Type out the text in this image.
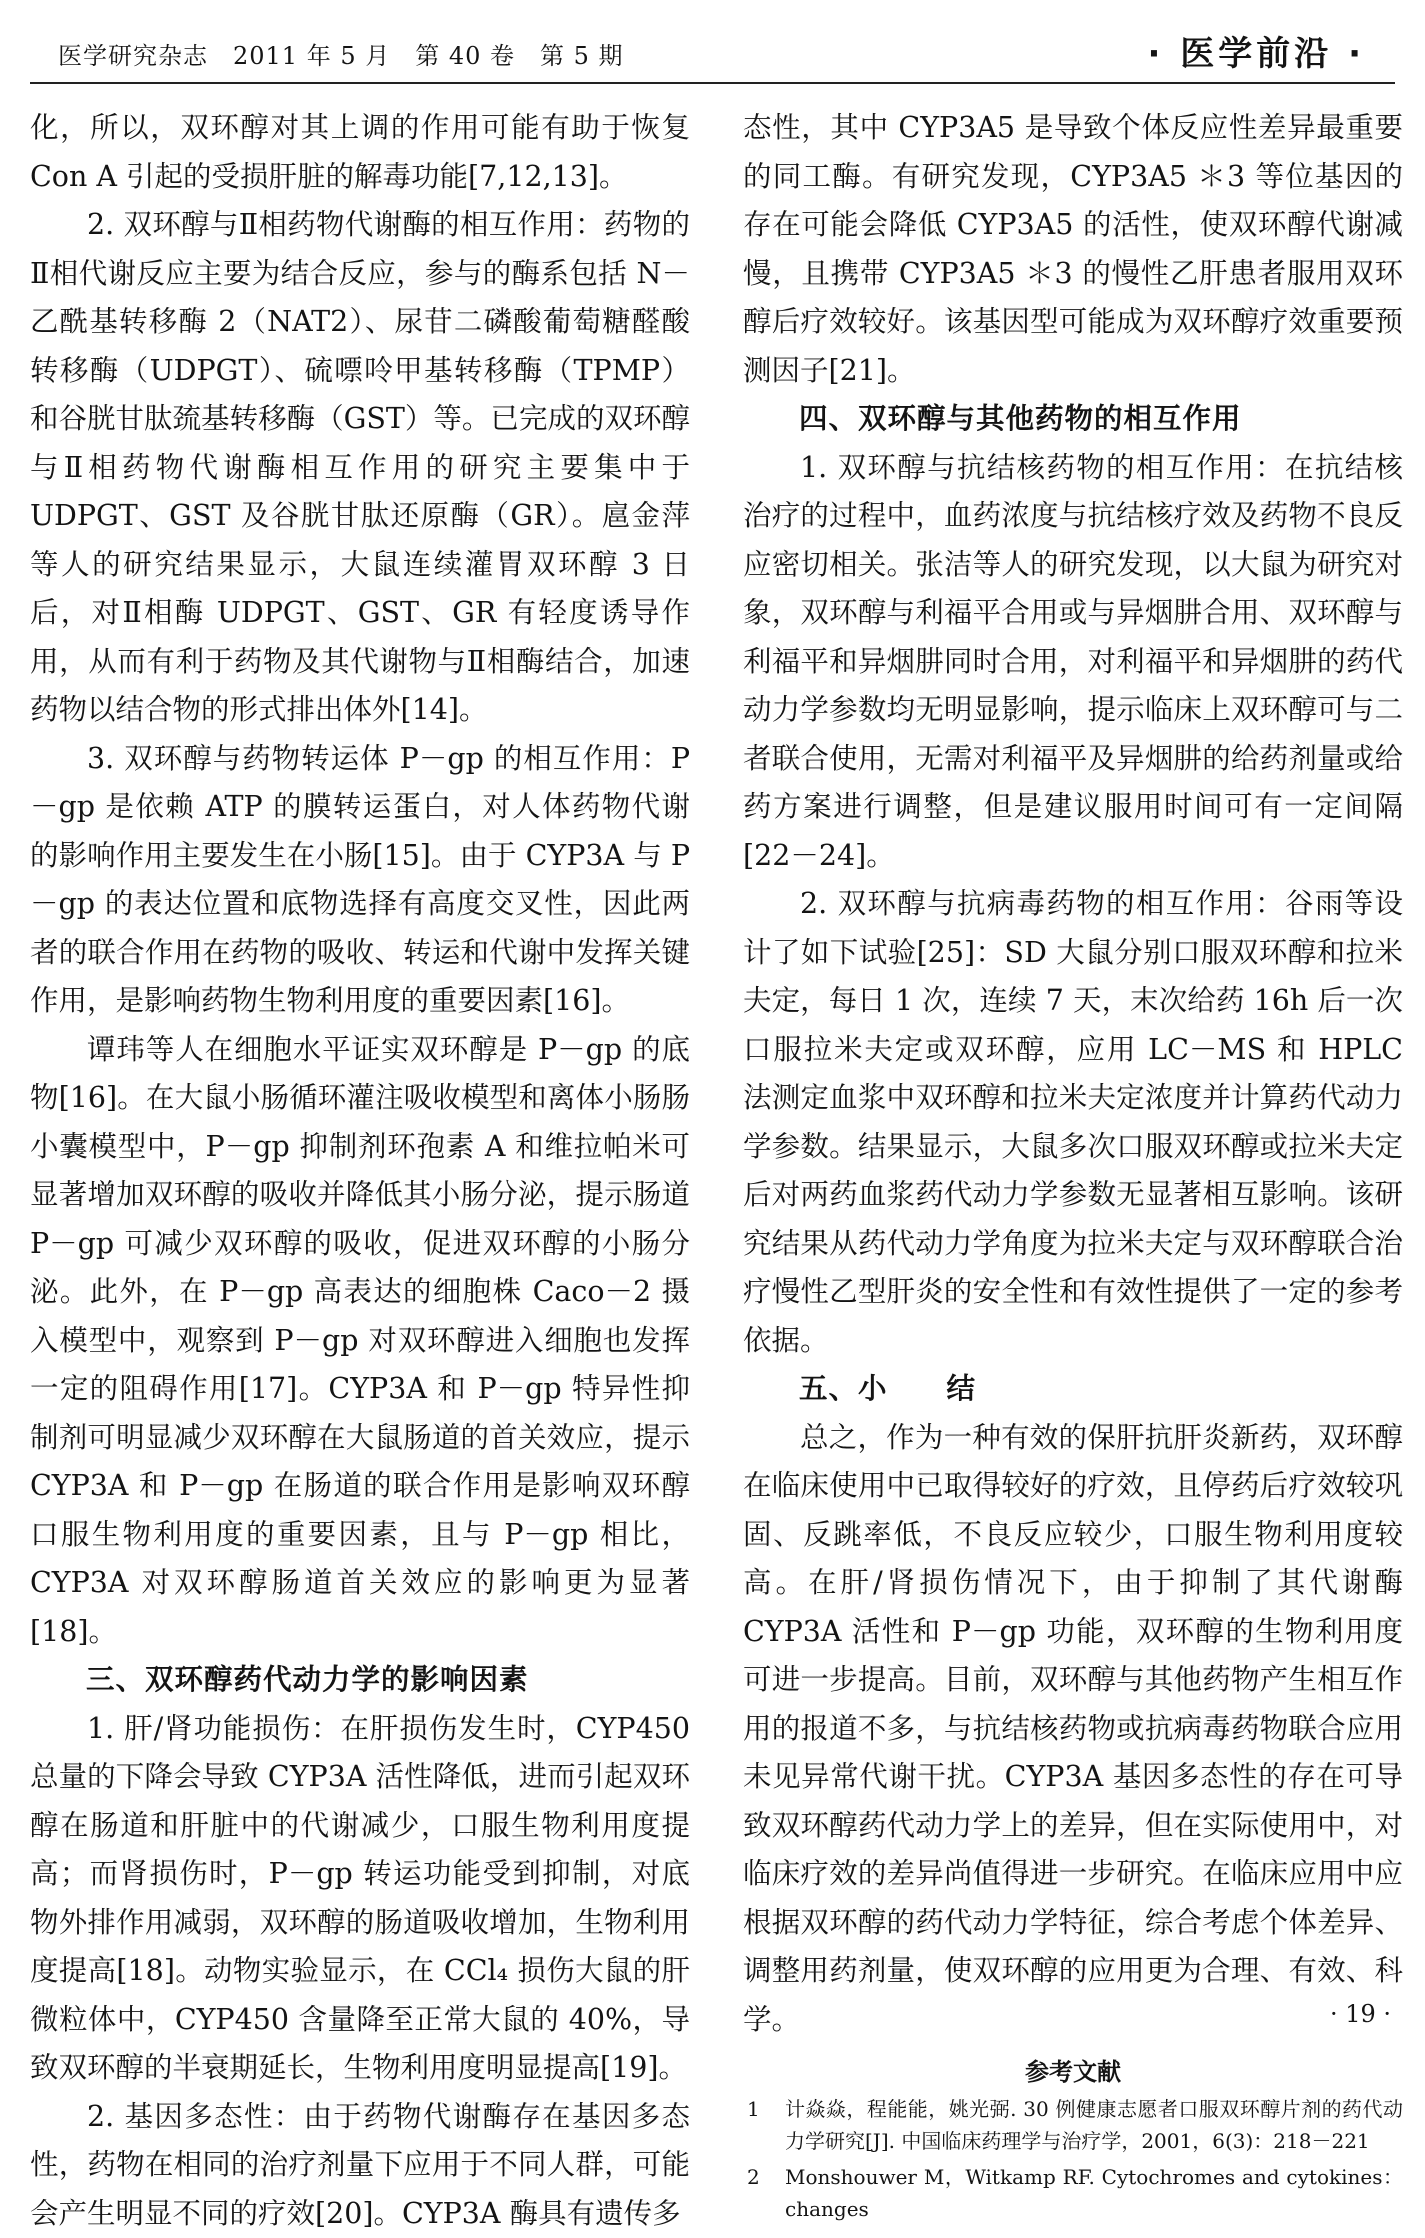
医学研究杂志　2011 年 5 月　第 40 卷　第 5 期	· 医学前沿 ·

化，所以，双环醇对其上调的作用可能有助于恢复 Con A 引起的受损肝脏的解毒功能[7,12,13]。

2. 双环醇与Ⅱ相药物代谢酶的相互作用：药物的Ⅱ相代谢反应主要为结合反应，参与的酶系包括 N－乙酰基转移酶 2（NAT2）、尿苷二磷酸葡萄糖醛酸转移酶（UDPGT）、硫嘌呤甲基转移酶（TPMP）和谷胱甘肽巯基转移酶（GST）等。已完成的双环醇与Ⅱ相药物代谢酶相互作用的研究主要集中于 UDPGT、GST 及谷胱甘肽还原酶（GR）。扈金萍等人的研究结果显示，大鼠连续灌胃双环醇 3 日后，对Ⅱ相酶 UDPGT、GST、GR 有轻度诱导作用，从而有利于药物及其代谢物与Ⅱ相酶结合，加速药物以结合物的形式排出体外[14]。

3. 双环醇与药物转运体 P－gp 的相互作用：P－gp 是依赖 ATP 的膜转运蛋白，对人体药物代谢的影响作用主要发生在小肠[15]。由于 CYP3A 与 P－gp 的表达位置和底物选择有高度交叉性，因此两者的联合作用在药物的吸收、转运和代谢中发挥关键作用，是影响药物生物利用度的重要因素[16]。

谭玮等人在细胞水平证实双环醇是 P－gp 的底物[16]。在大鼠小肠循环灌注吸收模型和离体小肠肠小囊模型中，P－gp 抑制剂环孢素 A 和维拉帕米可显著增加双环醇的吸收并降低其小肠分泌，提示肠道 P－gp 可减少双环醇的吸收，促进双环醇的小肠分泌。此外，在 P－gp 高表达的细胞株 Caco－2 摄入模型中，观察到 P－gp 对双环醇进入细胞也发挥一定的阻碍作用[17]。CYP3A 和 P－gp 特异性抑制剂可明显减少双环醇在大鼠肠道的首关效应，提示 CYP3A 和 P－gp 在肠道的联合作用是影响双环醇口服生物利用度的重要因素，且与 P－gp 相比，CYP3A 对双环醇肠道首关效应的影响更为显著[18]。

三、双环醇药代动力学的影响因素

1. 肝/肾功能损伤：在肝损伤发生时，CYP450 总量的下降会导致 CYP3A 活性降低，进而引起双环醇在肠道和肝脏中的代谢减少，口服生物利用度提高；而肾损伤时，P－gp 转运功能受到抑制，对底物外排作用减弱，双环醇的肠道吸收增加，生物利用度提高[18]。动物实验显示，在 CCl₄ 损伤大鼠的肝微粒体中，CYP450 含量降至正常大鼠的 40%，导致双环醇的半衰期延长，生物利用度明显提高[19]。

2. 基因多态性：由于药物代谢酶存在基因多态性，药物在相同的治疗剂量下应用于不同人群，可能会产生明显不同的疗效[20]。CYP3A 酶具有遗传多

态性，其中 CYP3A5 是导致个体反应性差异最重要的同工酶。有研究发现，CYP3A5 ＊3 等位基因的存在可能会降低 CYP3A5 的活性，使双环醇代谢减慢，且携带 CYP3A5 ＊3 的慢性乙肝患者服用双环醇后疗效较好。该基因型可能成为双环醇疗效重要预测因子[21]。

四、双环醇与其他药物的相互作用

1. 双环醇与抗结核药物的相互作用：在抗结核治疗的过程中，血药浓度与抗结核疗效及药物不良反应密切相关。张洁等人的研究发现，以大鼠为研究对象，双环醇与利福平合用或与异烟肼合用、双环醇与利福平和异烟肼同时合用，对利福平和异烟肼的药代动力学参数均无明显影响，提示临床上双环醇可与二者联合使用，无需对利福平及异烟肼的给药剂量或给药方案进行调整，但是建议服用时间可有一定间隔[22－24]。

2. 双环醇与抗病毒药物的相互作用：谷雨等设计了如下试验[25]：SD 大鼠分别口服双环醇和拉米夫定，每日 1 次，连续 7 天，末次给药 16h 后一次口服拉米夫定或双环醇，应用 LC－MS 和 HPLC 法测定血浆中双环醇和拉米夫定浓度并计算药代动力学参数。结果显示，大鼠多次口服双环醇或拉米夫定后对两药血浆药代动力学参数无显著相互影响。该研究结果从药代动力学角度为拉米夫定与双环醇联合治疗慢性乙型肝炎的安全性和有效性提供了一定的参考依据。

五、小　　结

总之，作为一种有效的保肝抗肝炎新药，双环醇在临床使用中已取得较好的疗效，且停药后疗效较巩固、反跳率低，不良反应较少，口服生物利用度较高。在肝/肾损伤情况下，由于抑制了其代谢酶 CYP3A 活性和 P－gp 功能，双环醇的生物利用度可进一步提高。目前，双环醇与其他药物产生相互作用的报道不多，与抗结核药物或抗病毒药物联合应用未见异常代谢干扰。CYP3A 基因多态性的存在可导致双环醇药代动力学上的差异，但在实际使用中，对临床疗效的差异尚值得进一步研究。在临床应用中应根据双环醇的药代动力学特征，综合考虑个体差异、调整用药剂量，使双环醇的应用更为合理、有效、科学。

参考文献
1	计焱焱，程能能，姚光弼. 30 例健康志愿者口服双环醇片剂的药代动力学研究[J]. 中国临床药理学与治疗学，2001，6(3)：218－221
2	Monshouwer M，Witkamp RF. Cytochromes and cytokines：changes
· 19 ·
